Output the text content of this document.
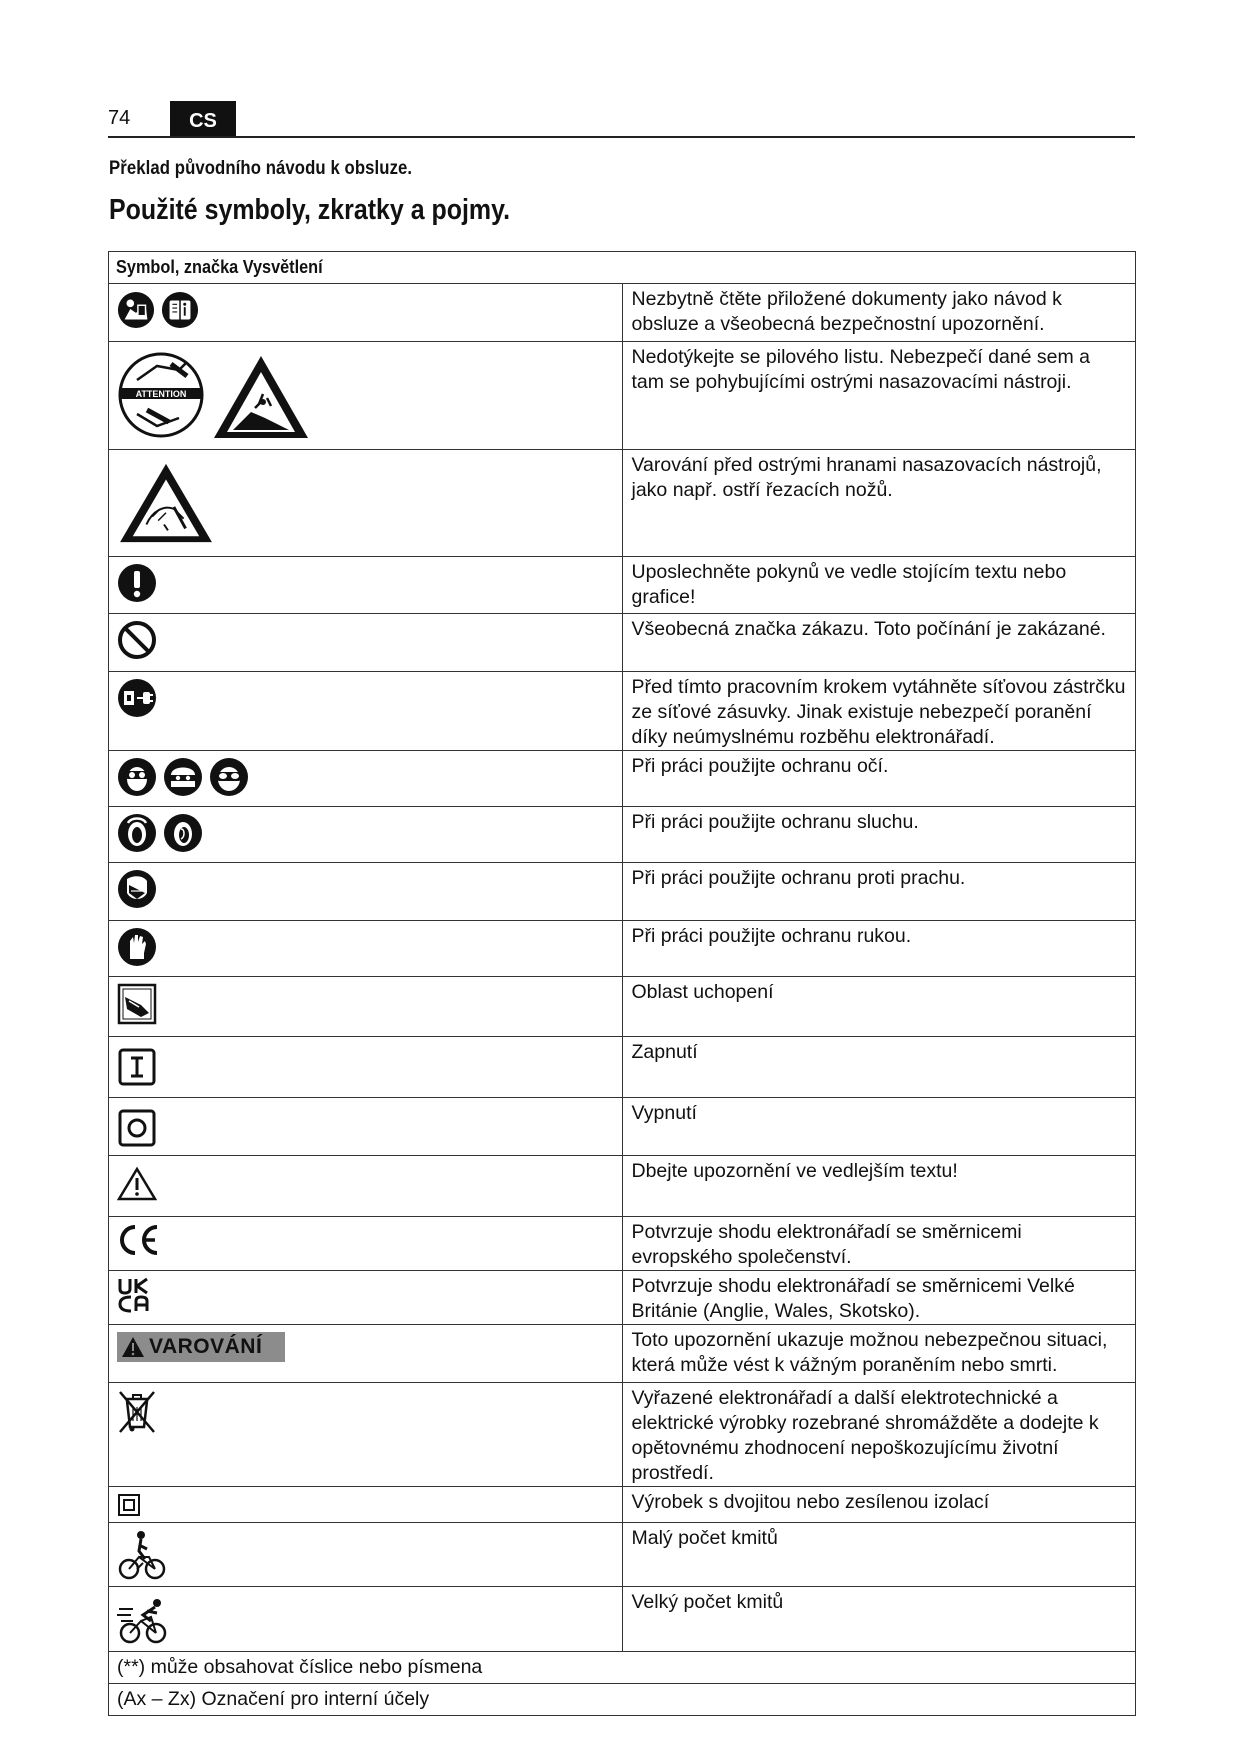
74	CS
Překlad původního návodu k obsluze.
Použité symboly, zkratky a pojmy.
Symbol, značka Vysvětlení	

	Nezbytně čtěte přiložené dokumenty jako návod k obsluze a všeobecná bezpečnostní upozornění.

ATTENTION	Nedotýkejte se pilového listu. Nebezpečí dané sem a tam se pohybujícími ostrými nasazovacími nástroji.

	Varování před ostrými hranami nasazovacích nástrojů, jako např. ostří řezacích nožů.

	Uposlechněte pokynů ve vedle stojícím textu nebo grafice!

	Všeobecná značka zákazu. Toto počínání je zakázané.

	Před tímto pracovním krokem vytáhněte síťovou zástrčku ze síťové zásuvky. Jinak existuje nebezpečí poranění díky neúmyslnému rozběhu elektronářadí.

	Při práci použijte ochranu očí.

	Při práci použijte ochranu sluchu.

	Při práci použijte ochranu proti prachu.

	Při práci použijte ochranu rukou.

	Oblast uchopení

	Zapnutí

	Vypnutí

	Dbejte upozornění ve vedlejším textu!

	Potvrzuje shodu elektronářadí se směrnicemi evropského společenství.

	Potvrzuje shodu elektronářadí se směrnicemi Velké Británie (Anglie, Wales, Skotsko).

VAROVÁNÍ	Toto upozornění ukazuje možnou nebezpečnou situaci, která může vést k vážným poraněním nebo smrti.

	Vyřazené elektronářadí a další elektrotechnické a elektrické výrobky rozebrané shromážděte a dodejte k opětovnému zhodnocení nepoškozujícímu životní prostředí.

	Výrobek s dvojitou nebo zesílenou izolací

	Malý počet kmitů

	Velký počet kmitů

(**) může obsahovat číslice nebo písmena	

(Ax – Zx) Označení pro interní účely	
